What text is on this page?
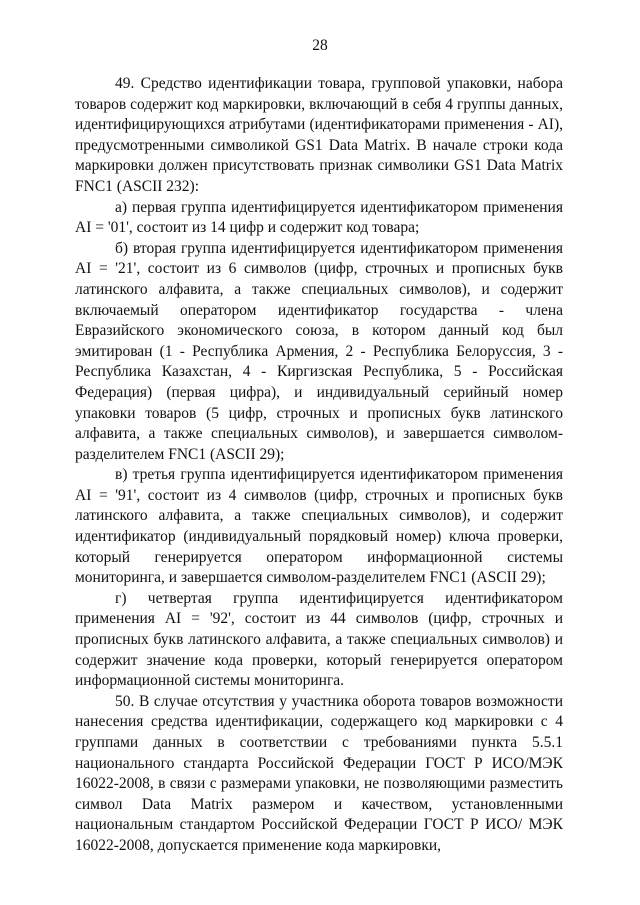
28

49. Средство идентификации товара, групповой упаковки, набора товаров содержит код маркировки, включающий в себя 4 группы данных, идентифицирующихся атрибутами (идентификаторами применения - AI), предусмотренными символикой GS1 Data Matrix. В начале строки кода маркировки должен присутствовать признак символики GS1 Data Matrix FNC1 (ASCII 232):

а) первая группа идентифицируется идентификатором применения AI = '01', состоит из 14 цифр и содержит код товара;

б) вторая группа идентифицируется идентификатором применения AI = '21', состоит из 6 символов (цифр, строчных и прописных букв латинского алфавита, а также специальных символов), и содержит включаемый оператором идентификатор государства - члена Евразийского экономического союза, в котором данный код был эмитирован (1 - Республика Армения, 2 - Республика Белоруссия, 3 - Республика Казахстан, 4 - Киргизская Республика, 5 - Российская Федерация) (первая цифра), и индивидуальный серийный номер упаковки товаров (5 цифр, строчных и прописных букв латинского алфавита, а также специальных символов), и завершается символом-разделителем FNC1 (ASCII 29);

в) третья группа идентифицируется идентификатором применения AI = '91', состоит из 4 символов (цифр, строчных и прописных букв латинского алфавита, а также специальных символов), и содержит идентификатор (индивидуальный порядковый номер) ключа проверки, который генерируется оператором информационной системы мониторинга, и завершается символом-разделителем FNC1 (ASCII 29);

г) четвертая группа идентифицируется идентификатором применения AI = '92', состоит из 44 символов (цифр, строчных и прописных букв латинского алфавита, а также специальных символов) и содержит значение кода проверки, который генерируется оператором информационной системы мониторинга.

50. В случае отсутствия у участника оборота товаров возможности нанесения средства идентификации, содержащего код маркировки с 4 группами данных в соответствии с требованиями пункта 5.5.1 национального стандарта Российской Федерации ГОСТ Р ИСО/МЭК 16022-2008, в связи с размерами упаковки, не позволяющими разместить символ Data Matrix размером и качеством, установленными национальным стандартом Российской Федерации ГОСТ Р ИСО/ МЭК 16022-2008, допускается применение кода маркировки,
